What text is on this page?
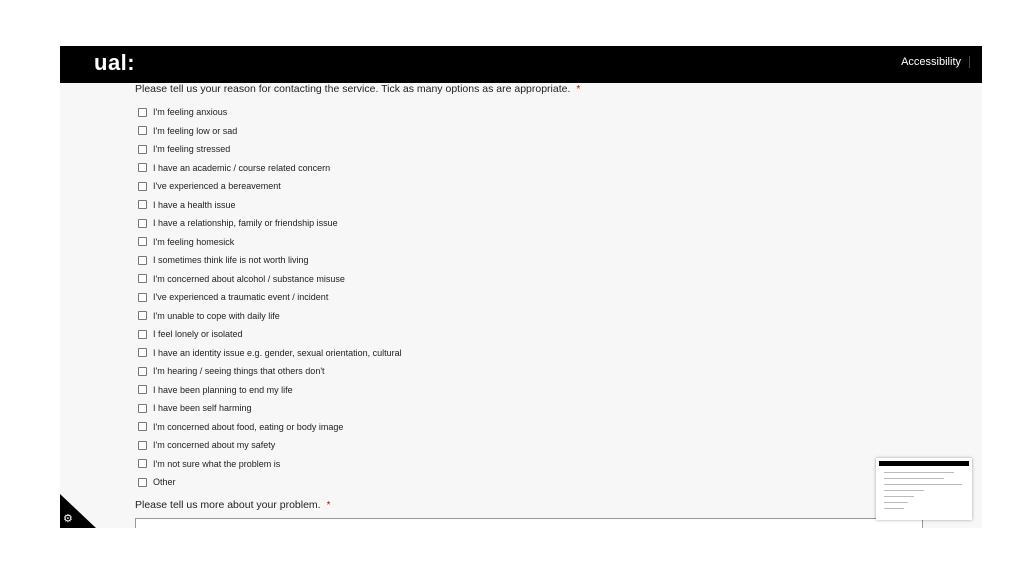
ual:	Accessibility
Please tell us your reason for contacting the service. Tick as many options as are appropriate. *
I'm feeling anxious
I'm feeling low or sad
I'm feeling stressed
I have an academic / course related concern
I've experienced a bereavement
I have a health issue
I have a relationship, family or friendship issue
I'm feeling homesick
I sometimes think life is not worth living
I'm concerned about alcohol / substance misuse
I've experienced a traumatic event / incident
I'm unable to cope with daily life
I feel lonely or isolated
I have an identity issue e.g. gender, sexual orientation, cultural
I'm hearing / seeing things that others don't
I have been planning to end my life
I have been self harming
I'm concerned about food, eating or body image
I'm concerned about my safety
I'm not sure what the problem is
Other
Please tell us more about your problem. *
⚙
